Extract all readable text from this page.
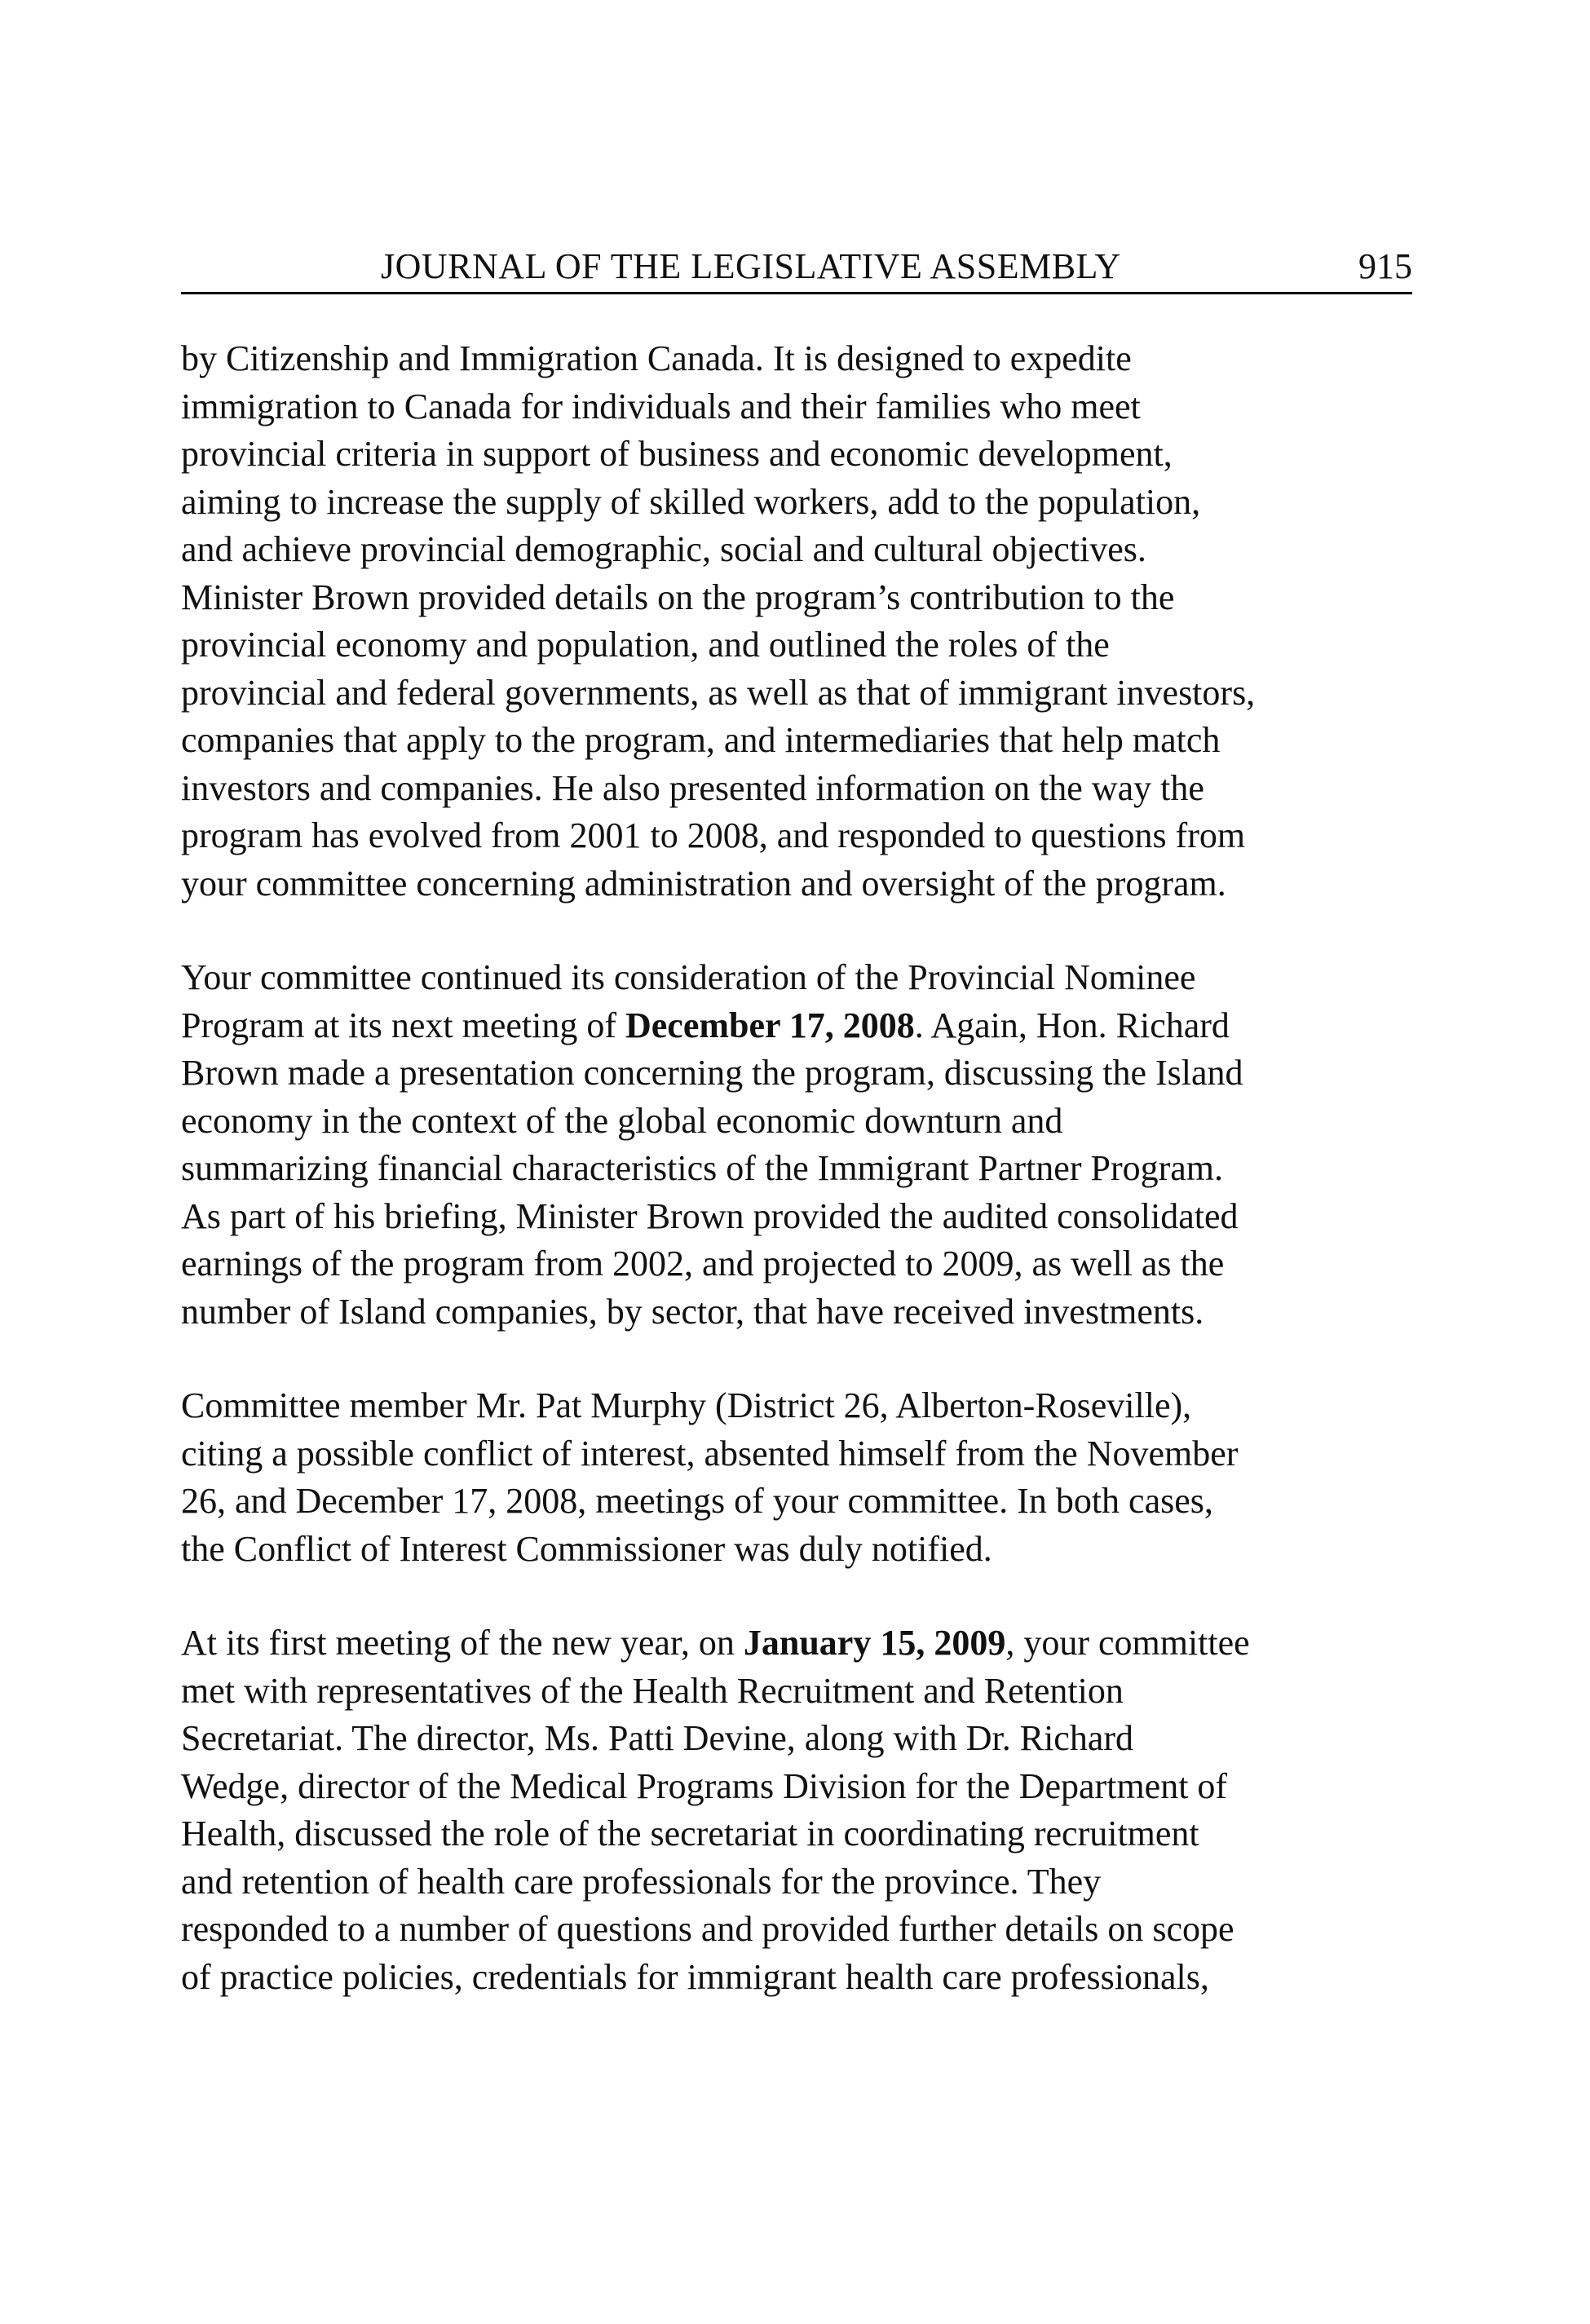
JOURNAL OF THE LEGISLATIVE ASSEMBLY	915
by Citizenship and Immigration Canada. It is designed to expedite
immigration to Canada for individuals and their families who meet
provincial criteria in support of business and economic development,
aiming to increase the supply of skilled workers, add to the population,
and achieve provincial demographic, social and cultural objectives.
Minister Brown provided details on the program’s contribution to the
provincial economy and population, and outlined the roles of the
provincial and federal governments, as well as that of immigrant investors,
companies that apply to the program, and intermediaries that help match
investors and companies. He also presented information on the way the
program has evolved from 2001 to 2008, and responded to questions from
your committee concerning administration and oversight of the program.
Your committee continued its consideration of the Provincial Nominee
Program at its next meeting of December 17, 2008. Again, Hon. Richard
Brown made a presentation concerning the program, discussing the Island
economy in the context of the global economic downturn and
summarizing financial characteristics of the Immigrant Partner Program.
As part of his briefing, Minister Brown provided the audited consolidated
earnings of the program from 2002, and projected to 2009, as well as the
number of Island companies, by sector, that have received investments.
Committee member Mr. Pat Murphy (District 26, Alberton-Roseville),
citing a possible conflict of interest, absented himself from the November
26, and December 17, 2008, meetings of your committee. In both cases,
the Conflict of Interest Commissioner was duly notified.
At its first meeting of the new year, on January 15, 2009, your committee
met with representatives of the Health Recruitment and Retention
Secretariat. The director, Ms. Patti Devine, along with Dr. Richard
Wedge, director of the Medical Programs Division for the Department of
Health, discussed the role of the secretariat in coordinating recruitment
and retention of health care professionals for the province. They
responded to a number of questions and provided further details on scope
of practice policies, credentials for immigrant health care professionals,
